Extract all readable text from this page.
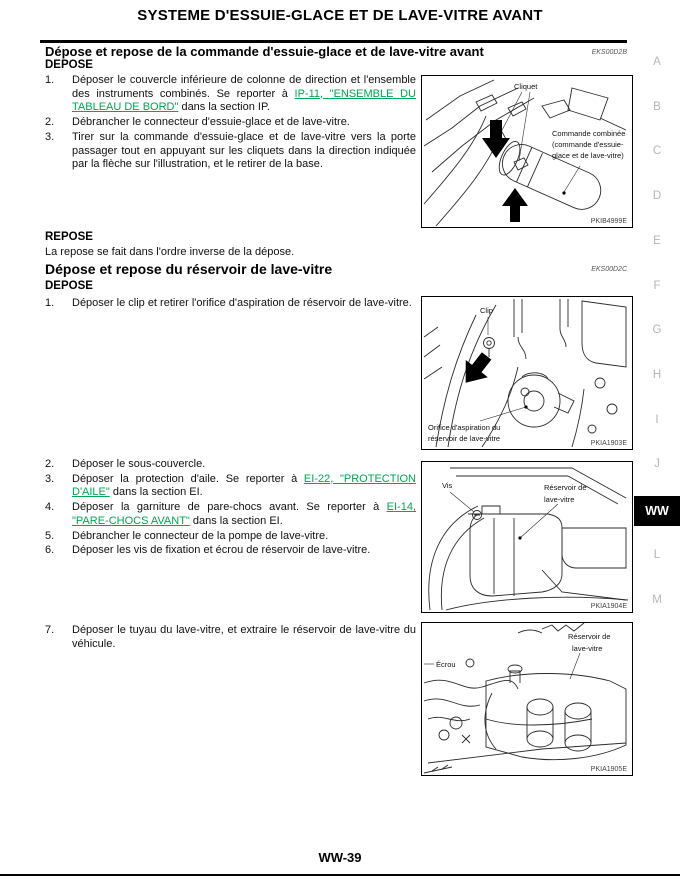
SYSTEME D'ESSUIE-GLACE ET DE LAVE-VITRE AVANT
Dépose et repose de la commande d'essuie-glace et de lave-vitre avant	EKS00D2B
DEPOSE
1.	Déposer le couvercle inférieure de colonne de direction et l'ensemble des instruments combinés. Se reporter à IP-11, "ENSEMBLE DU TABLEAU DE BORD" dans la section IP.
2.	Débrancher le connecteur d'essuie-glace et de lave-vitre.
3.	Tirer sur la commande d'essuie-glace et de lave-vitre vers la porte passager tout en appuyant sur les cliquets dans la direction indiquée par la flèche sur l'illustration, et le retirer de la base.
REPOSE
La repose se fait dans l'ordre inverse de la dépose.
Dépose et repose du réservoir de lave-vitre	EKS00D2C
DEPOSE
1.	Déposer le clip et retirer l'orifice d'aspiration de réservoir de lave-vitre.
2.	Déposer le sous-couvercle.
3.	Déposer la protection d'aile. Se reporter à EI-22, "PROTECTION D'AILE" dans la section EI.
4.	Déposer la garniture de pare-chocs avant. Se reporter à EI-14, "PARE-CHOCS AVANT" dans la section EI.
5.	Débrancher le connecteur de la pompe de lave-vitre.
6.	Déposer les vis de fixation et écrou de réservoir de lave-vitre.
7.	Déposer le tuyau du lave-vitre, et extraire le réservoir de lave-vitre du véhicule.
Cliquet
Commande combinée
(commande d'essuie-
glace et de lave-vitre)
PKIB4999E
Clip
Orifice d'aspiration du
réservoir de lave-vitre
PKIA1903E
Vis	Réservoir de
lave-vitre
PKIA1904E
Écrou
Réservoir de
lave-vitre
PKIA1905E
A
B
C
D
E
F
G
H
I
J
WW
L
M
WW-39
